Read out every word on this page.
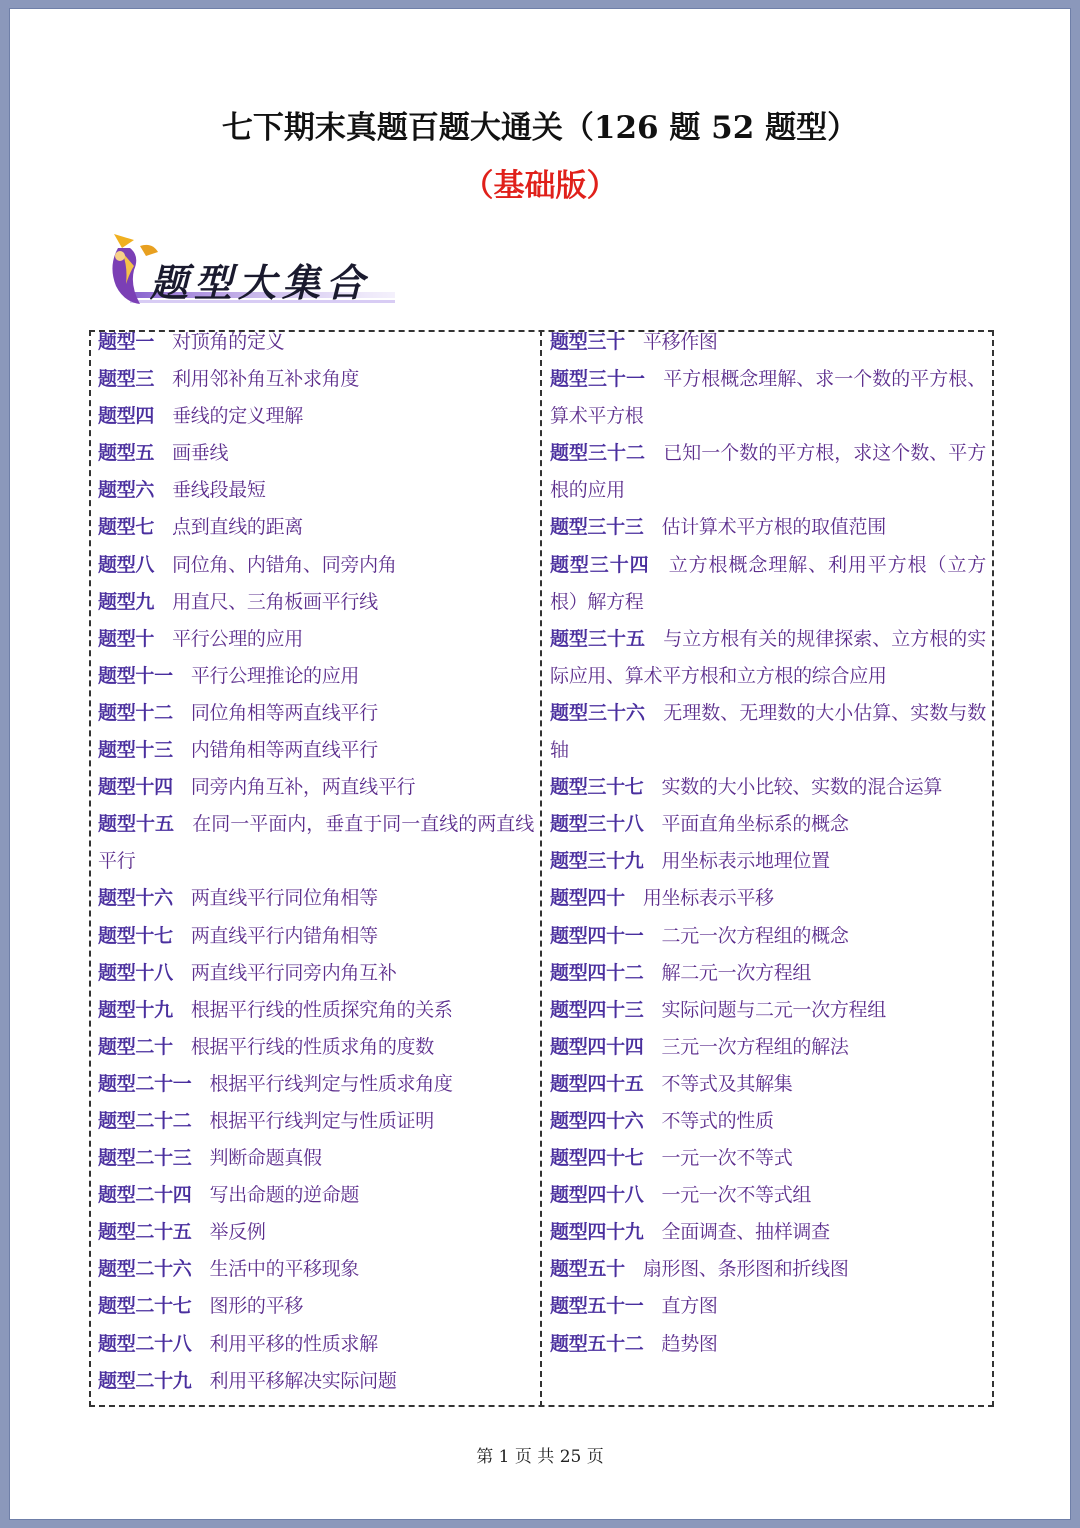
七下期末真题百题大通关（126 题 52 题型）
（基础版）
题型大集合
题型一 对顶角的定义
题型三 利用邻补角互补求角度
题型四 垂线的定义理解
题型五 画垂线
题型六 垂线段最短
题型七 点到直线的距离
题型八 同位角、内错角、同旁内角
题型九 用直尺、三角板画平行线
题型十 平行公理的应用
题型十一 平行公理推论的应用
题型十二 同位角相等两直线平行
题型十三 内错角相等两直线平行
题型十四 同旁内角互补，两直线平行
题型十五 在同一平面内，垂直于同一直线的两直线平行
题型十六 两直线平行同位角相等
题型十七 两直线平行内错角相等
题型十八 两直线平行同旁内角互补
题型十九 根据平行线的性质探究角的关系
题型二十 根据平行线的性质求角的度数
题型二十一 根据平行线判定与性质求角度
题型二十二 根据平行线判定与性质证明
题型二十三 判断命题真假
题型二十四 写出命题的逆命题
题型二十五 举反例
题型二十六 生活中的平移现象
题型二十七 图形的平移
题型二十八 利用平移的性质求解
题型二十九 利用平移解决实际问题
题型三十 平移作图
题型三十一 平方根概念理解、求一个数的平方根、算术平方根
题型三十二 已知一个数的平方根，求这个数、平方根的应用
题型三十三 估计算术平方根的取值范围
题型三十四 立方根概念理解、利用平方根（立方根）解方程
题型三十五 与立方根有关的规律探索、立方根的实际应用、算术平方根和立方根的综合应用
题型三十六 无理数、无理数的大小估算、实数与数轴
题型三十七 实数的大小比较、实数的混合运算
题型三十八 平面直角坐标系的概念
题型三十九 用坐标表示地理位置
题型四十 用坐标表示平移
题型四十一 二元一次方程组的概念
题型四十二 解二元一次方程组
题型四十三 实际问题与二元一次方程组
题型四十四 三元一次方程组的解法
题型四十五 不等式及其解集
题型四十六 不等式的性质
题型四十七 一元一次不等式
题型四十八 一元一次不等式组
题型四十九 全面调查、抽样调查
题型五十 扇形图、条形图和折线图
题型五十一 直方图
题型五十二 趋势图
第 1 页 共 25 页
